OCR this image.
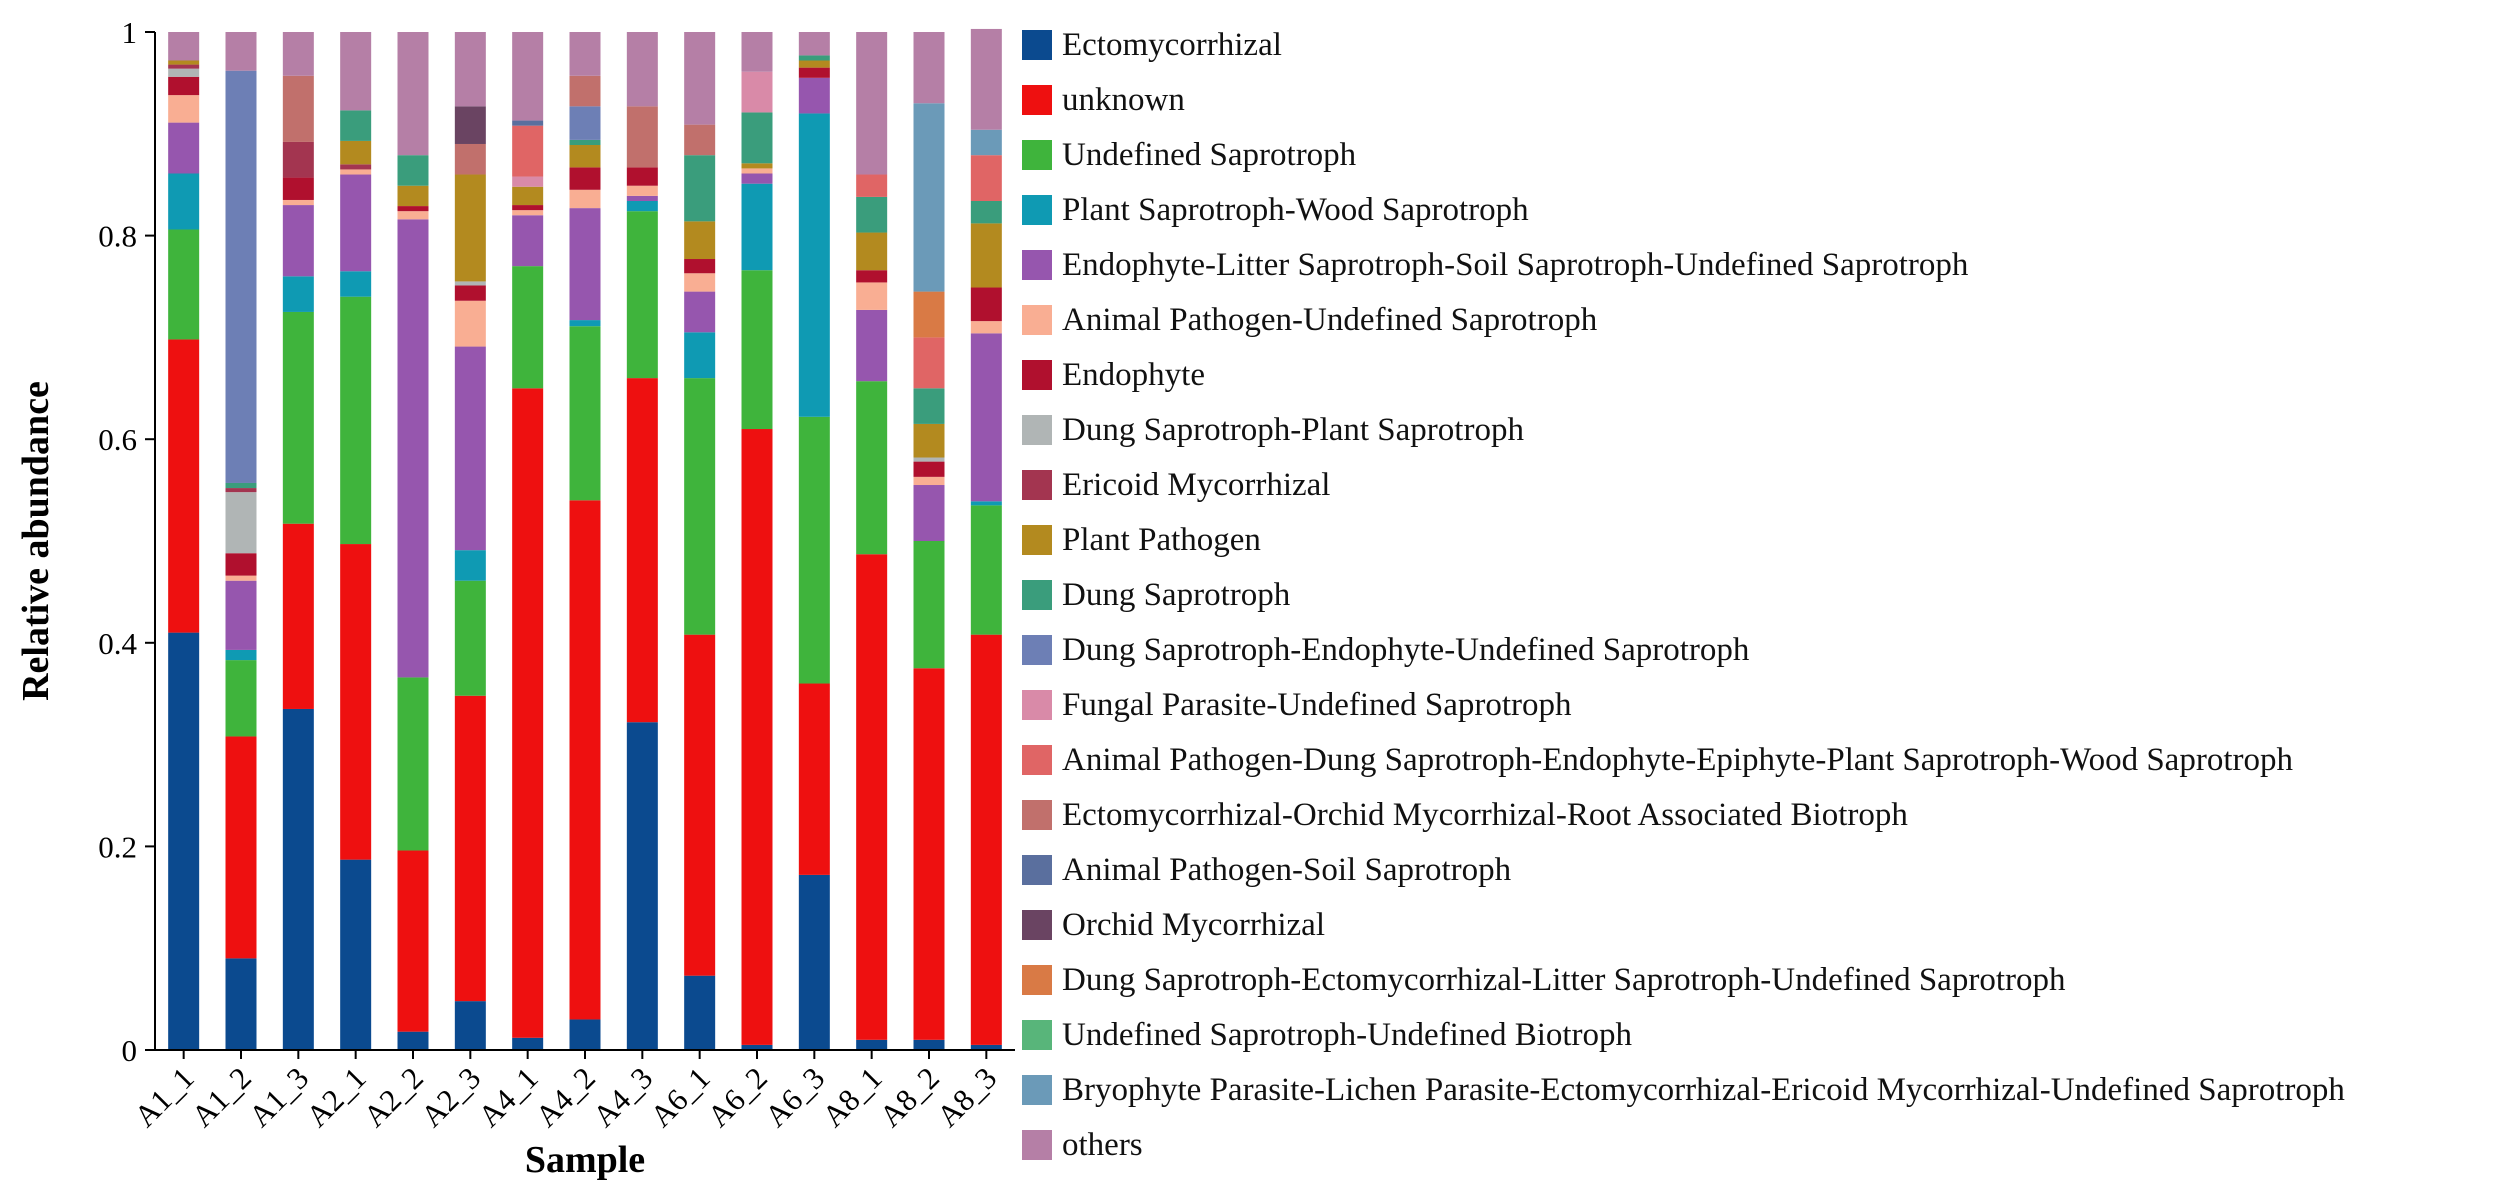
0
0.2
0.4
0.6
0.8
1
A1_1
A1_2
A1_3
A2_1
A2_2
A2_3
A4_1
A4_2
A4_3
A6_1
A6_2
A6_3
A8_1
A8_2
A8_3
Relative abundance
Sample
Ectomycorrhizal
unknown
Undefined Saprotroph
Plant Saprotroph-Wood Saprotroph
Endophyte-Litter Saprotroph-Soil Saprotroph-Undefined Saprotroph
Animal Pathogen-Undefined Saprotroph
Endophyte
Dung Saprotroph-Plant Saprotroph
Ericoid Mycorrhizal
Plant Pathogen
Dung Saprotroph
Dung Saprotroph-Endophyte-Undefined Saprotroph
Fungal Parasite-Undefined Saprotroph
Animal Pathogen-Dung Saprotroph-Endophyte-Epiphyte-Plant Saprotroph-Wood Saprotroph
Ectomycorrhizal-Orchid Mycorrhizal-Root Associated Biotroph
Animal Pathogen-Soil Saprotroph
Orchid Mycorrhizal
Dung Saprotroph-Ectomycorrhizal-Litter Saprotroph-Undefined Saprotroph
Undefined Saprotroph-Undefined Biotroph
Bryophyte Parasite-Lichen Parasite-Ectomycorrhizal-Ericoid Mycorrhizal-Undefined Saprotroph
others
